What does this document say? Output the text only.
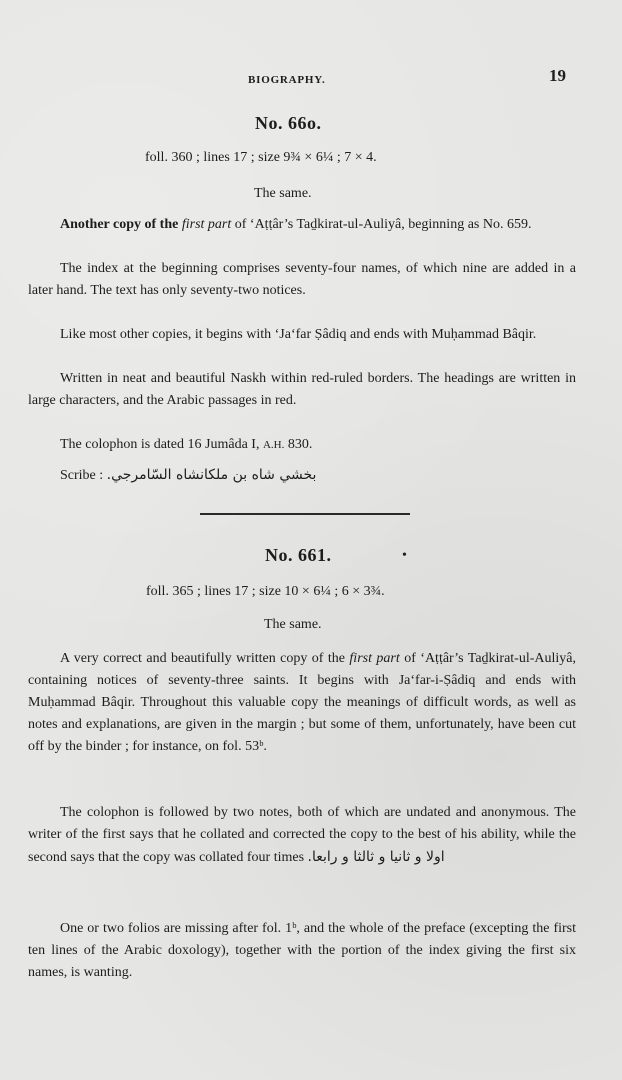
BIOGRAPHY.	19
No. 66o.
foll. 360 ; lines 17 ; size 9¾ × 6¼ ; 7 × 4.
The same.

Another copy of the first part of ‘Aṭṭâr’s Taḏkirat-ul-Auliyâ, beginning as No. 659.

The index at the beginning comprises seventy-four names, of which nine are added in a later hand. The text has only seventy-two notices.

Like most other copies, it begins with ‘Ja‘far Ṣâdiq and ends with Muḥammad Bâqir.

Written in neat and beautiful Naskh within red-ruled borders. The headings are written in large characters, and the Arabic passages in red.

The colophon is dated 16 Jumâda I, A.H. 830.

Scribe : بخشي شاه بن ملكانشاه السّامرجي.

No. 661.	•
foll. 365 ; lines 17 ; size 10 × 6¼ ; 6 × 3¾.
The same.

A very correct and beautifully written copy of the first part of ‘Aṭṭâr’s Taḏkirat-ul-Auliyâ, containing notices of seventy-three saints. It begins with Ja‘far-i-Ṣâdiq and ends with Muḥammad Bâqir. Throughout this valuable copy the meanings of difficult words, as well as notes and explanations, are given in the margin ; but some of them, unfortunately, have been cut off by the binder ; for instance, on fol. 53ᵇ.

The colophon is followed by two notes, both of which are undated and anonymous. The writer of the first says that he collated and corrected the copy to the best of his ability, while the second says that the copy was collated four times اولا و ثانيا و ثالثا و رابعا.

One or two folios are missing after fol. 1ᵇ, and the whole of the preface (excepting the first ten lines of the Arabic doxology), together with the portion of the index giving the first six names, is wanting.
